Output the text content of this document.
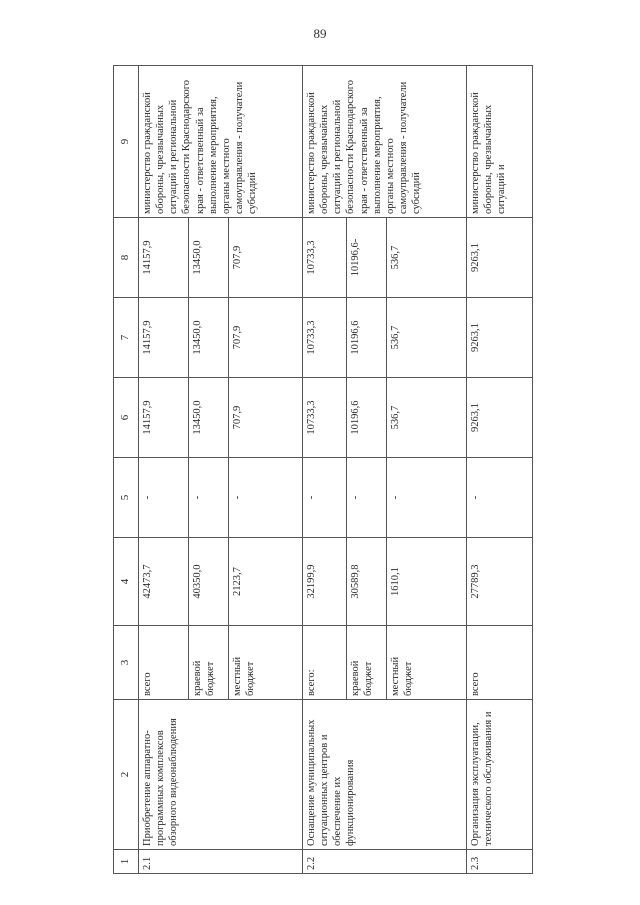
89
1	2	3	4	5	6	7	8	9
2.1	Приобретение аппаратно-программных комплексов обзорного видеонаблюдения	всего	42473,7	-	14157,9	14157,9	14157,9	министерство гражданской обороны, чрезвычайных ситуаций и региональной безопасности Краснодарского края - ответственный за выполнение мероприятия, органы местного самоуправления - получатели субсидий
		краевой бюджет	40350,0	-	13450,0	13450,0	13450,0	
		местный бюджет	2123,7	-	707,9	707,9	707,9	
2.2	Оснащение муниципальных ситуационных центров и обеспечение их функционирования	всего:	32199,9	-	10733,3	10733,3	10733,3	министерство гражданской обороны, чрезвычайных ситуаций и региональной безопасности Краснодарского края - ответственный за выполнение мероприятия, органы местного самоуправления - получатели субсидий
		краевой бюджет	30589,8	-	10196,6	10196,6	10196,6-	
		местный бюджет	1610,1	-	536,7	536,7	536,7	
2.3	Организация эксплуатации, технического обслуживания и	всего	27789,3	-	9263,1	9263,1	9263,1	министерство гражданской обороны, чрезвычайных ситуаций и
